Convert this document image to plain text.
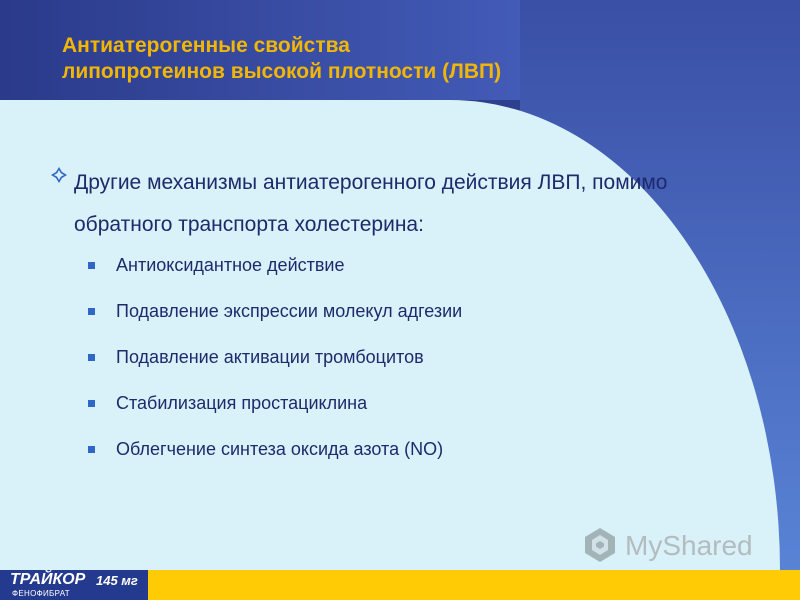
Антиатерогенные свойства
липопротеинов высокой плотности (ЛВП)

Другие механизмы антиатерогенного действия ЛВП, помимо обратного транспорта холестерина:

Антиоксидантное действие
Подавление экспрессии молекул адгезии
Подавление активации тромбоцитов
Стабилизация простациклина
Облегчение синтеза оксида азота (NO)
MyShared
ТРАЙКОР 145 мг
ФЕНОФИБРАТ
